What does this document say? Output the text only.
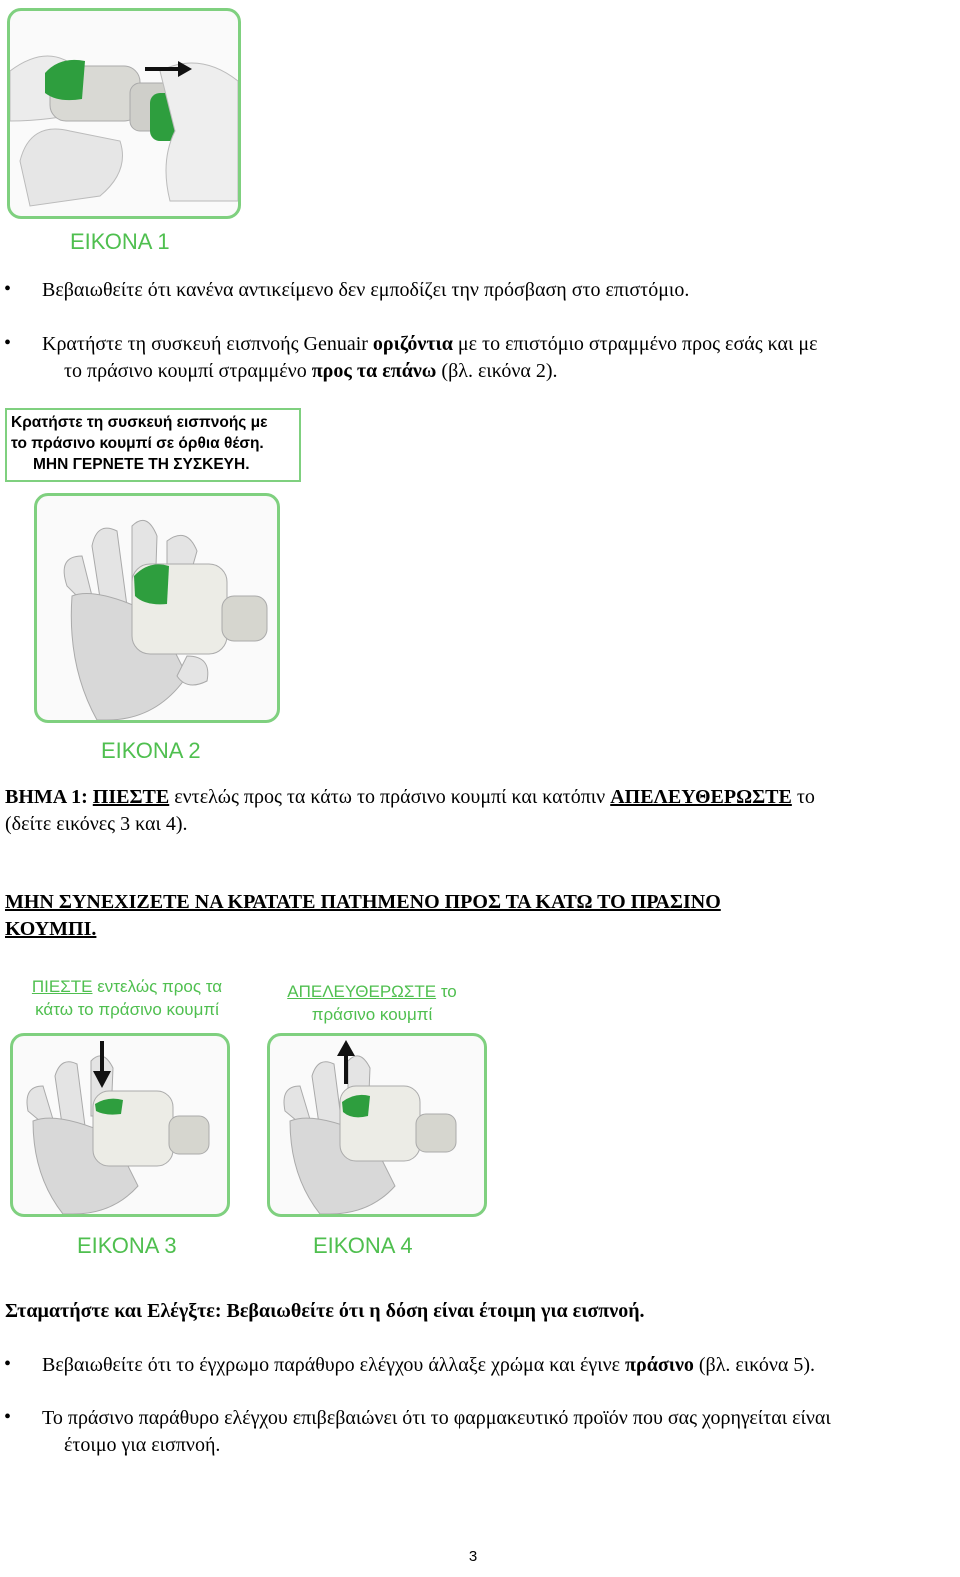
ΕΙΚΟΝΑ 1
• Βεβαιωθείτε ότι κανένα αντικείμενο δεν εμποδίζει την πρόσβαση στο επιστόμιο.
• Κρατήστε τη συσκευή εισπνοής Genuair οριζόντια με το επιστόμιο στραμμένο προς εσάς και με
το πράσινο κουμπί στραμμένο προς τα επάνω (βλ. εικόνα 2).
Κρατήστε τη συσκευή εισπνοής με
το πράσινο κουμπί σε όρθια θέση.
ΜΗΝ ΓΕΡΝΕΤΕ ΤΗ ΣΥΣΚΕΥΗ.
ΕΙΚΟΝΑ 2
ΒΗΜΑ 1: ΠΙΕΣΤΕ εντελώς προς τα κάτω το πράσινο κουμπί και κατόπιν ΑΠΕΛΕΥΘΕΡΩΣΤΕ το
(δείτε εικόνες 3 και 4).
ΜΗΝ ΣΥΝΕΧΙΖΕΤΕ ΝΑ ΚΡΑΤΑΤΕ ΠΑΤΗΜΕΝΟ ΠΡΟΣ ΤΑ ΚΑΤΩ ΤΟ ΠΡΑΣΙΝΟ
ΚΟΥΜΠΙ.
ΠΙΕΣΤΕ εντελώς προς τα
κάτω το πράσινο κουμπί
ΑΠΕΛΕΥΘΕΡΩΣΤΕ το
πράσινο κουμπί
ΕΙΚΟΝΑ 3	ΕΙΚΟΝΑ 4
Σταματήστε και Ελέγξτε: Βεβαιωθείτε ότι η δόση είναι έτοιμη για εισπνοή.
• Βεβαιωθείτε ότι το έγχρωμο παράθυρο ελέγχου άλλαξε χρώμα και έγινε πράσινο (βλ. εικόνα 5).
• Το πράσινο παράθυρο ελέγχου επιβεβαιώνει ότι το φαρμακευτικό προϊόν που σας χορηγείται είναι
έτοιμο για εισπνοή.
3
